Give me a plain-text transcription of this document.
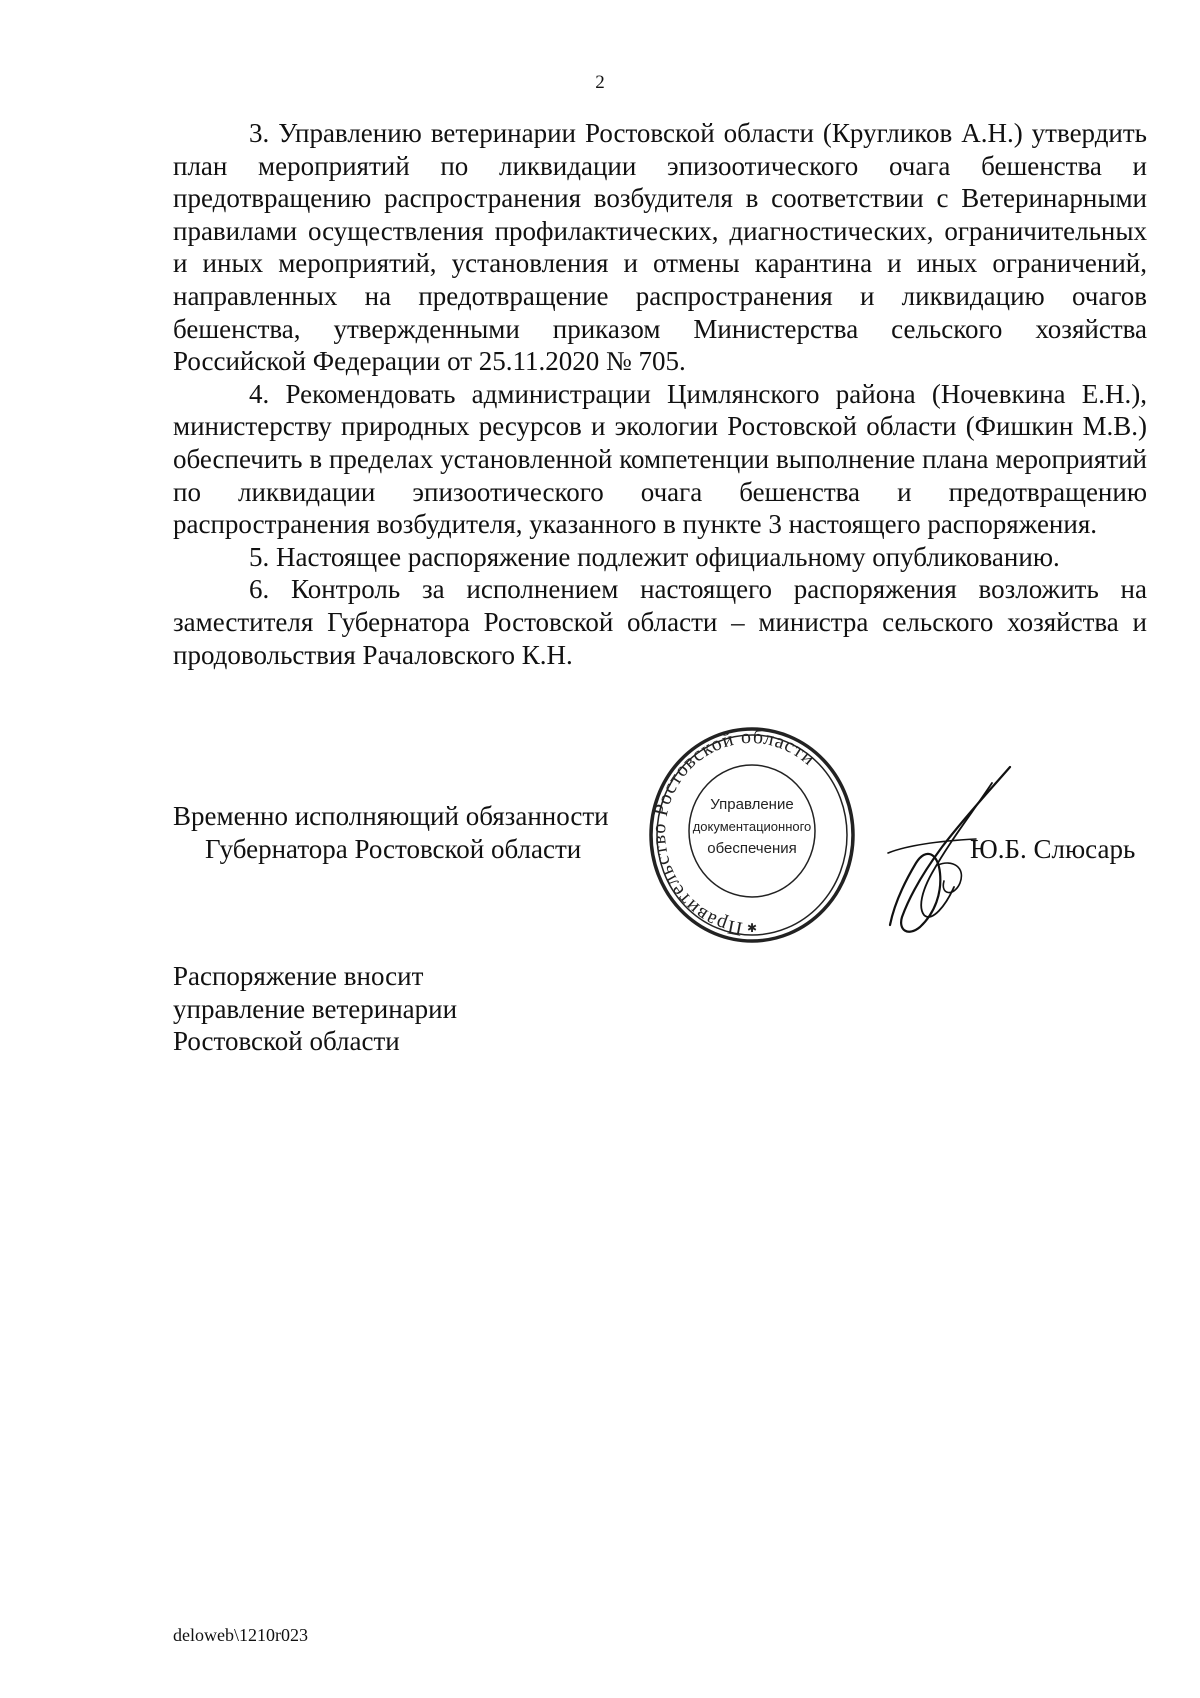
2

3. Управлению ветеринарии Ростовской области (Кругликов А.Н.) утвердить план мероприятий по ликвидации эпизоотического очага бешенства и предотвращению распространения возбудителя в соответствии с Ветеринарными правилами осуществления профилактических, диагностических, ограничительных и иных мероприятий, установления и отмены карантина и иных ограничений, направленных на предотвращение распространения и ликвидацию очагов бешенства, утвержденными приказом Министерства сельского хозяйства Российской Федерации от 25.11.2020 № 705.

4. Рекомендовать администрации Цимлянского района (Ночевкина Е.Н.), министерству природных ресурсов и экологии Ростовской области (Фишкин М.В.) обеспечить в пределах установленной компетенции выполнение плана мероприятий по ликвидации эпизоотического очага бешенства и предотвращению распространения возбудителя, указанного в пункте 3 настоящего распоряжения.

5. Настоящее распоряжение подлежит официальному опубликованию.

6. Контроль за исполнением настоящего распоряжения возложить на заместителя Губернатора Ростовской области – министра сельского хозяйства и продовольствия Рачаловского К.Н.

Временно исполняющий обязанности
Губернатора Ростовской области
Правительство Ростовской области
Управление
документационного
обеспечения
✱
Ю.Б. Слюсарь
Распоряжение вносит
управление ветеринарии
Ростовской области
deloweb\1210r023
